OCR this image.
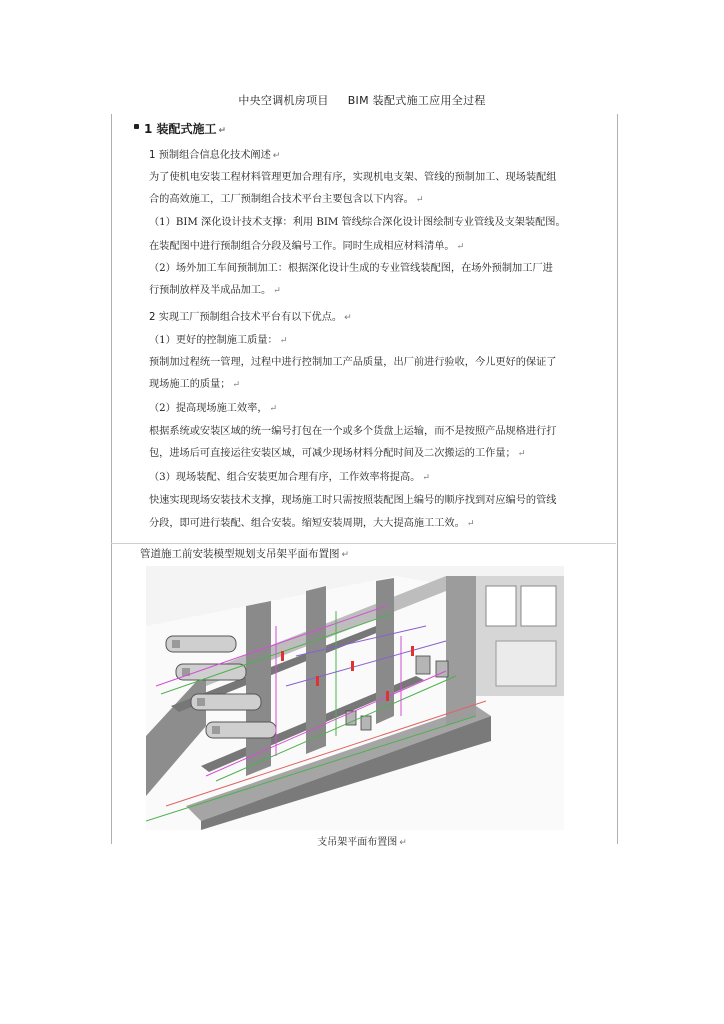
中央空调机房项目     BIM 装配式施工应用全过程
1 装配式施工 ↵
1 预制组合信息化技术阐述 ↵
为了使机电安装工程材料管理更加合理有序，实现机电支架、管线的预制加工、现场装配组
合的高效施工，工厂预制组合技术平台主要包含以下内容。 ↵
（1）BIM 深化设计技术支撑：利用 BIM 管线综合深化设计图绘制专业管线及支架装配图。
在装配图中进行预制组合分段及编号工作。同时生成相应材料清单。 ↵
（2）场外加工车间预制加工：根据深化设计生成的专业管线装配图，在场外预制加工厂进
行预制放样及半成品加工。 ↵
2 实现工厂预制组合技术平台有以下优点。 ↵
（1）更好的控制施工质量： ↵
预制加过程统一管理，过程中进行控制加工产品质量，出厂前进行验收，今儿更好的保证了
现场施工的质量； ↵
（2）提高现场施工效率， ↵
根据系统或安装区域的统一编号打包在一个或多个货盘上运输，而不是按照产品规格进行打
包，进场后可直接运往安装区域，可减少现场材料分配时间及二次搬运的工作量； ↵
（3）现场装配、组合安装更加合理有序，工作效率将提高。 ↵
快速实现现场安装技术支撑，现场施工时只需按照装配图上编号的顺序找到对应编号的管线
分段，即可进行装配、组合安装。缩短安装周期，大大提高施工工效。 ↵
管道施工前安装模型规划支吊架平面布置图 ↵
支吊架平面布置图 ↵
